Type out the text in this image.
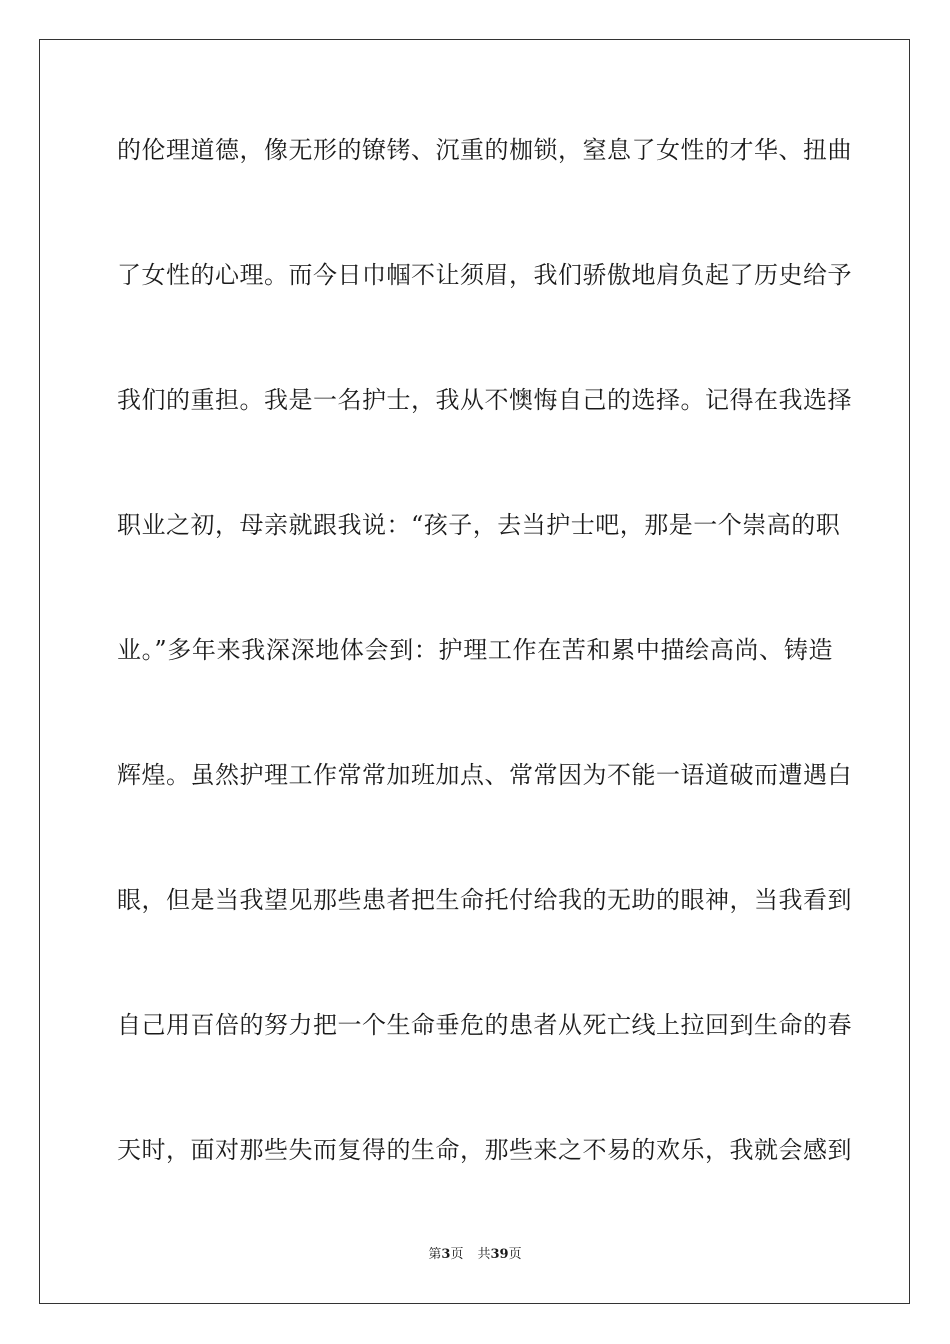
的伦理道德，像无形的镣铐、沉重的枷锁，窒息了女性的才华、扭曲
了女性的心理。而今日巾帼不让须眉，我们骄傲地肩负起了历史给予
我们的重担。我是一名护士，我从不懊悔自己的选择。记得在我选择
职业之初，母亲就跟我说：“孩子，去当护士吧，那是一个崇高的职
业。”多年来我深深地体会到：护理工作在苦和累中描绘高尚、铸造
辉煌。虽然护理工作常常加班加点、常常因为不能一语道破而遭遇白
眼，但是当我望见那些患者把生命托付给我的无助的眼神，当我看到
自己用百倍的努力把一个生命垂危的患者从死亡线上拉回到生命的春
天时，面对那些失而复得的生命，那些来之不易的欢乐，我就会感到
第3页 共39页
